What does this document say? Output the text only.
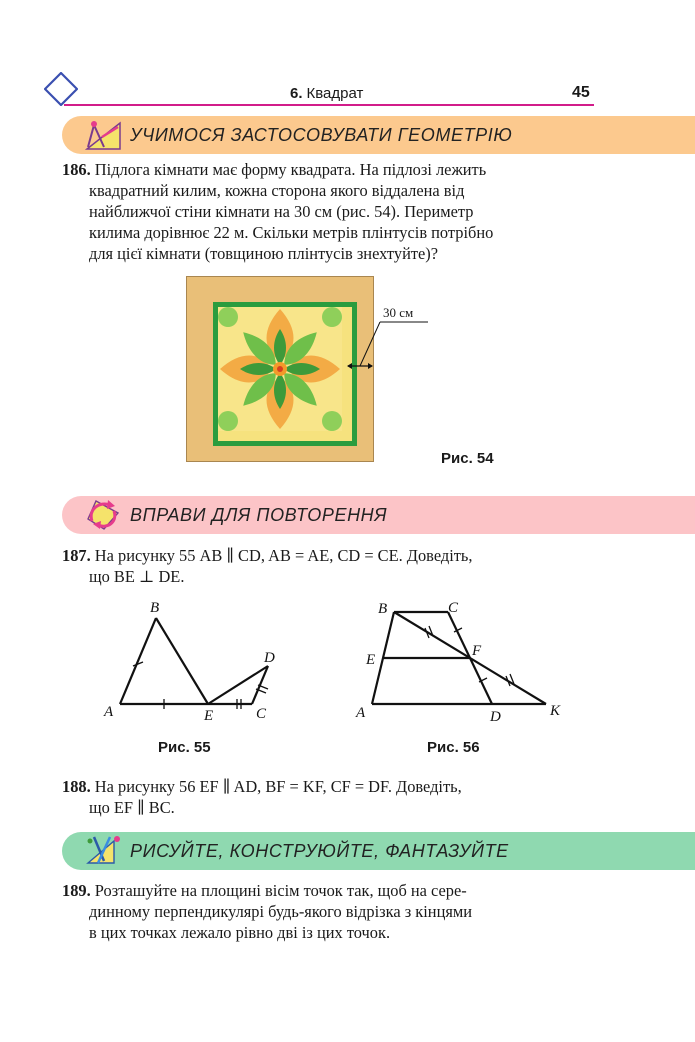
6. Квадрат	45
УЧИМОСЯ ЗАСТОСОВУВАТИ ГЕОМЕТРІЮ
186. Підлога кімнати має форму квадрата. На підлозі лежить
квадратний килим, кожна сторона якого віддалена від
найближчої стіни кімнати на 30 см (рис. 54). Периметр
килима дорівнює 22 м. Скільки метрів плінтусів потрібно
для цієї кімнати (товщиною плінтусів знехтуйте)?
30 см
Рис. 54
ВПРАВИ ДЛЯ ПОВТОРЕННЯ
187. На рисунку 55 AB ∥ CD, AB = AE, CD = CE. Доведіть,
що BE ⊥ DE.
A
B
C
D
E
Рис. 55
A
B	C
D
E
F
K
Рис. 56
188. На рисунку 56 EF ∥ AD, BF = KF, CF = DF. Доведіть,
що EF ∥ BC.
РИСУЙТЕ, КОНСТРУЮЙТЕ, ФАНТАЗУЙТЕ
189. Розташуйте на площині вісім точок так, щоб на сере-
динному перпендикулярі будь-якого відрізка з кінцями
в цих точках лежало рівно дві із цих точок.
